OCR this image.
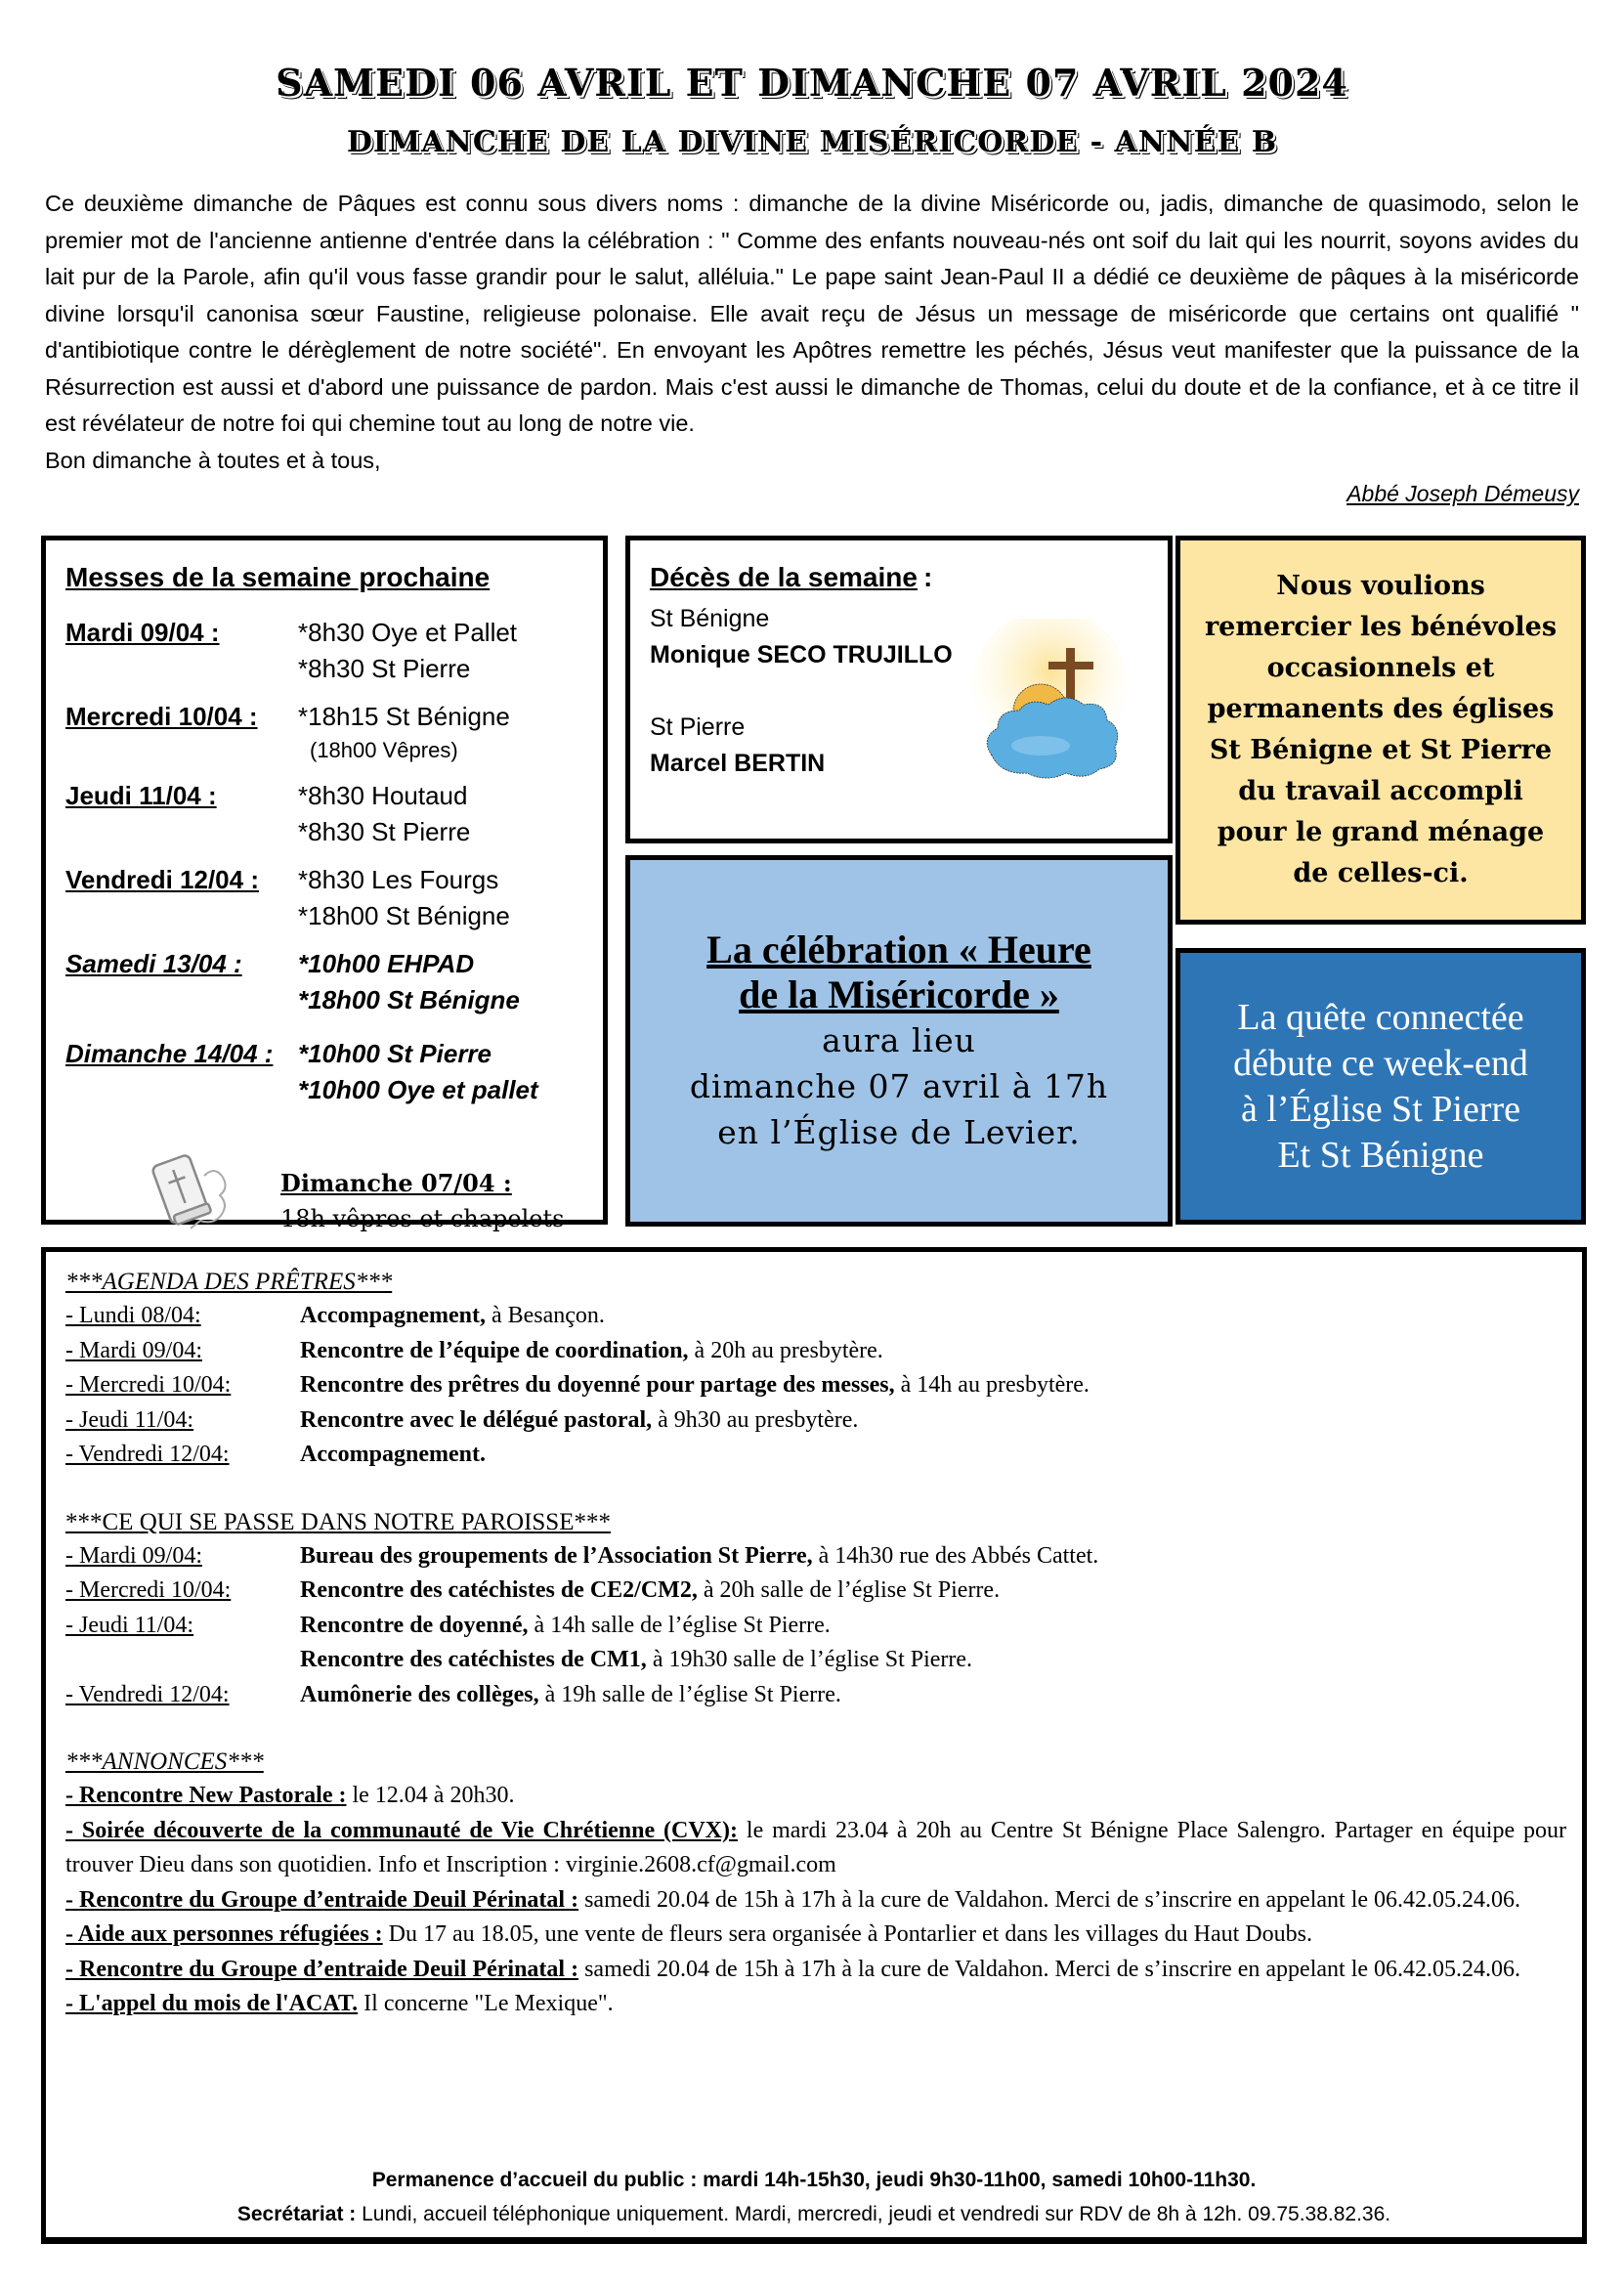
SAMEDI 06 AVRIL ET DIMANCHE 07 AVRIL 2024
DIMANCHE DE LA DIVINE MISÉRICORDE - ANNÉE B

Ce deuxième dimanche de Pâques est connu sous divers noms : dimanche de la divine Miséricorde ou, jadis, dimanche de quasimodo, selon le premier mot de l'ancienne antienne d'entrée dans la célébration : " Comme des enfants nouveau-nés ont soif du lait qui les nourrit, soyons avides du lait pur de la Parole, afin qu'il vous fasse grandir pour le salut, alléluia." Le pape saint Jean-Paul II a dédié ce deuxième de pâques à la miséricorde divine lorsqu'il canonisa sœur Faustine, religieuse polonaise. Elle avait reçu de Jésus un message de miséricorde que certains ont qualifié " d'antibiotique contre le dérèglement de notre société". En envoyant les Apôtres remettre les péchés, Jésus veut manifester que la puissance de la Résurrection est aussi et d'abord une puissance de pardon. Mais c'est aussi le dimanche de Thomas, celui du doute et de la confiance, et à ce titre il est révélateur de notre foi qui chemine tout au long de notre vie.

Bon dimanche à toutes et à tous,

Abbé Joseph Démeusy
Messes de la semaine prochaine
Mardi 09/04 :	*8h30 Oye et Pallet
*8h30 St Pierre
Mercredi 10/04 :	*18h15 St Bénigne
(18h00 Vêpres)
Jeudi 11/04 :	*8h30 Houtaud
*8h30 St Pierre
Vendredi 12/04 :	*8h30 Les Fourgs
*18h00 St Bénigne
Samedi 13/04 :	*10h00 EHPAD
*18h00 St Bénigne
Dimanche 14/04 : *10h00 St Pierre
*10h00 Oye et pallet
Dimanche 07/04 :
18h vêpres et chapelets
Décès de la semaine :
St Bénigne
Monique SECO TRUJILLO
St Pierre
Marcel BERTIN
La célébration « Heure
de la Miséricorde »
aura lieu
dimanche 07 avril à 17h
en l’Église de Levier.
Nous voulions
remercier les bénévoles
occasionnels et
permanents des églises
St Bénigne et St Pierre
du travail accompli
pour le grand ménage
de celles-ci.
La quête connectée
débute ce week-end
à l’Église St Pierre
Et St Bénigne
***AGENDA DES PRÊTRES***
- Lundi 08/04:	Accompagnement, à Besançon.
- Mardi 09/04:	Rencontre de l’équipe de coordination, à 20h au presbytère.
- Mercredi 10/04:	Rencontre des prêtres du doyenné pour partage des messes, à 14h au presbytère.
- Jeudi 11/04:	Rencontre avec le délégué pastoral, à 9h30 au presbytère.
- Vendredi 12/04:	Accompagnement.
***CE QUI SE PASSE DANS NOTRE PAROISSE***
- Mardi 09/04:	Bureau des groupements de l’Association St Pierre, à 14h30 rue des Abbés Cattet.
- Mercredi 10/04:	Rencontre des catéchistes de CE2/CM2, à 20h salle de l’église St Pierre.
- Jeudi 11/04:	Rencontre de doyenné, à 14h salle de l’église St Pierre.
Rencontre des catéchistes de CM1, à 19h30 salle de l’église St Pierre.
- Vendredi 12/04:	Aumônerie des collèges, à 19h salle de l’église St Pierre.
***ANNONCES***
- Rencontre New Pastorale : le 12.04 à 20h30.
- Soirée découverte de la communauté de Vie Chrétienne (CVX): le mardi 23.04 à 20h au Centre St Bénigne Place Salengro. Partager en équipe pour trouver Dieu dans son quotidien. Info et Inscription : virginie.2608.cf@gmail.com
- Rencontre du Groupe d’entraide Deuil Périnatal : samedi 20.04 de 15h à 17h à la cure de Valdahon. Merci de s’inscrire en appelant le 06.42.05.24.06.
- Aide aux personnes réfugiées : Du 17 au 18.05, une vente de fleurs sera organisée à Pontarlier et dans les villages du Haut Doubs.
- Rencontre du Groupe d’entraide Deuil Périnatal : samedi 20.04 de 15h à 17h à la cure de Valdahon. Merci de s’inscrire en appelant le 06.42.05.24.06.
- L'appel du mois de l'ACAT. Il concerne "Le Mexique".
Permanence d’accueil du public : mardi 14h-15h30, jeudi 9h30-11h00, samedi 10h00-11h30.
Secrétariat : Lundi, accueil téléphonique uniquement. Mardi, mercredi, jeudi et vendredi sur RDV de 8h à 12h. 09.75.38.82.36.
